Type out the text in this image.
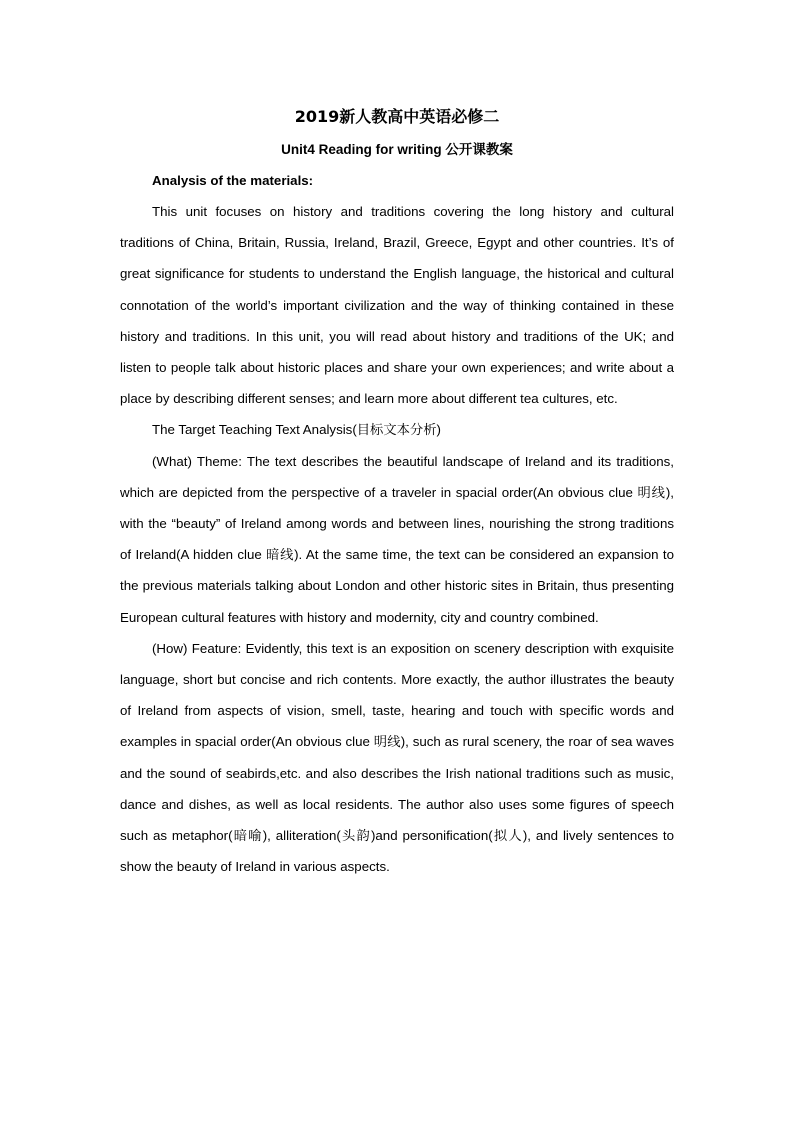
2019新人教高中英语必修二
Unit4 Reading for writing 公开课教案

Analysis of the materials:

This unit focuses on history and traditions covering the long history and cultural traditions of China, Britain, Russia, Ireland, Brazil, Greece, Egypt and other countries. It’s of great significance for students to understand the English language, the historical and cultural connotation of the world’s important civilization and the way of thinking contained in these history and traditions. In this unit, you will read about history and traditions of the UK; and listen to people talk about historic places and share your own experiences; and write about a place by describing different senses; and learn more about different tea cultures, etc.

The Target Teaching Text Analysis(目标文本分析)

(What) Theme: The text describes the beautiful landscape of Ireland and its traditions, which are depicted from the perspective of a traveler in spacial order(An obvious clue 明线), with the “beauty” of Ireland among words and between lines, nourishing the strong traditions of Ireland(A hidden clue 暗线). At the same time, the text can be considered an expansion to the previous materials talking about London and other historic sites in Britain, thus presenting European cultural features with history and modernity, city and country combined.

(How) Feature: Evidently, this text is an exposition on scenery description with exquisite language, short but concise and rich contents. More exactly, the author illustrates the beauty of Ireland from aspects of vision, smell, taste, hearing and touch with specific words and examples in spacial order(An obvious clue 明线), such as rural scenery, the roar of sea waves and the sound of seabirds,etc. and also describes the Irish national traditions such as music, dance and dishes, as well as local residents. The author also uses some figures of speech such as metaphor(暗喻), alliteration(头韵)and personification(拟人), and lively sentences to show the beauty of Ireland in various aspects.
